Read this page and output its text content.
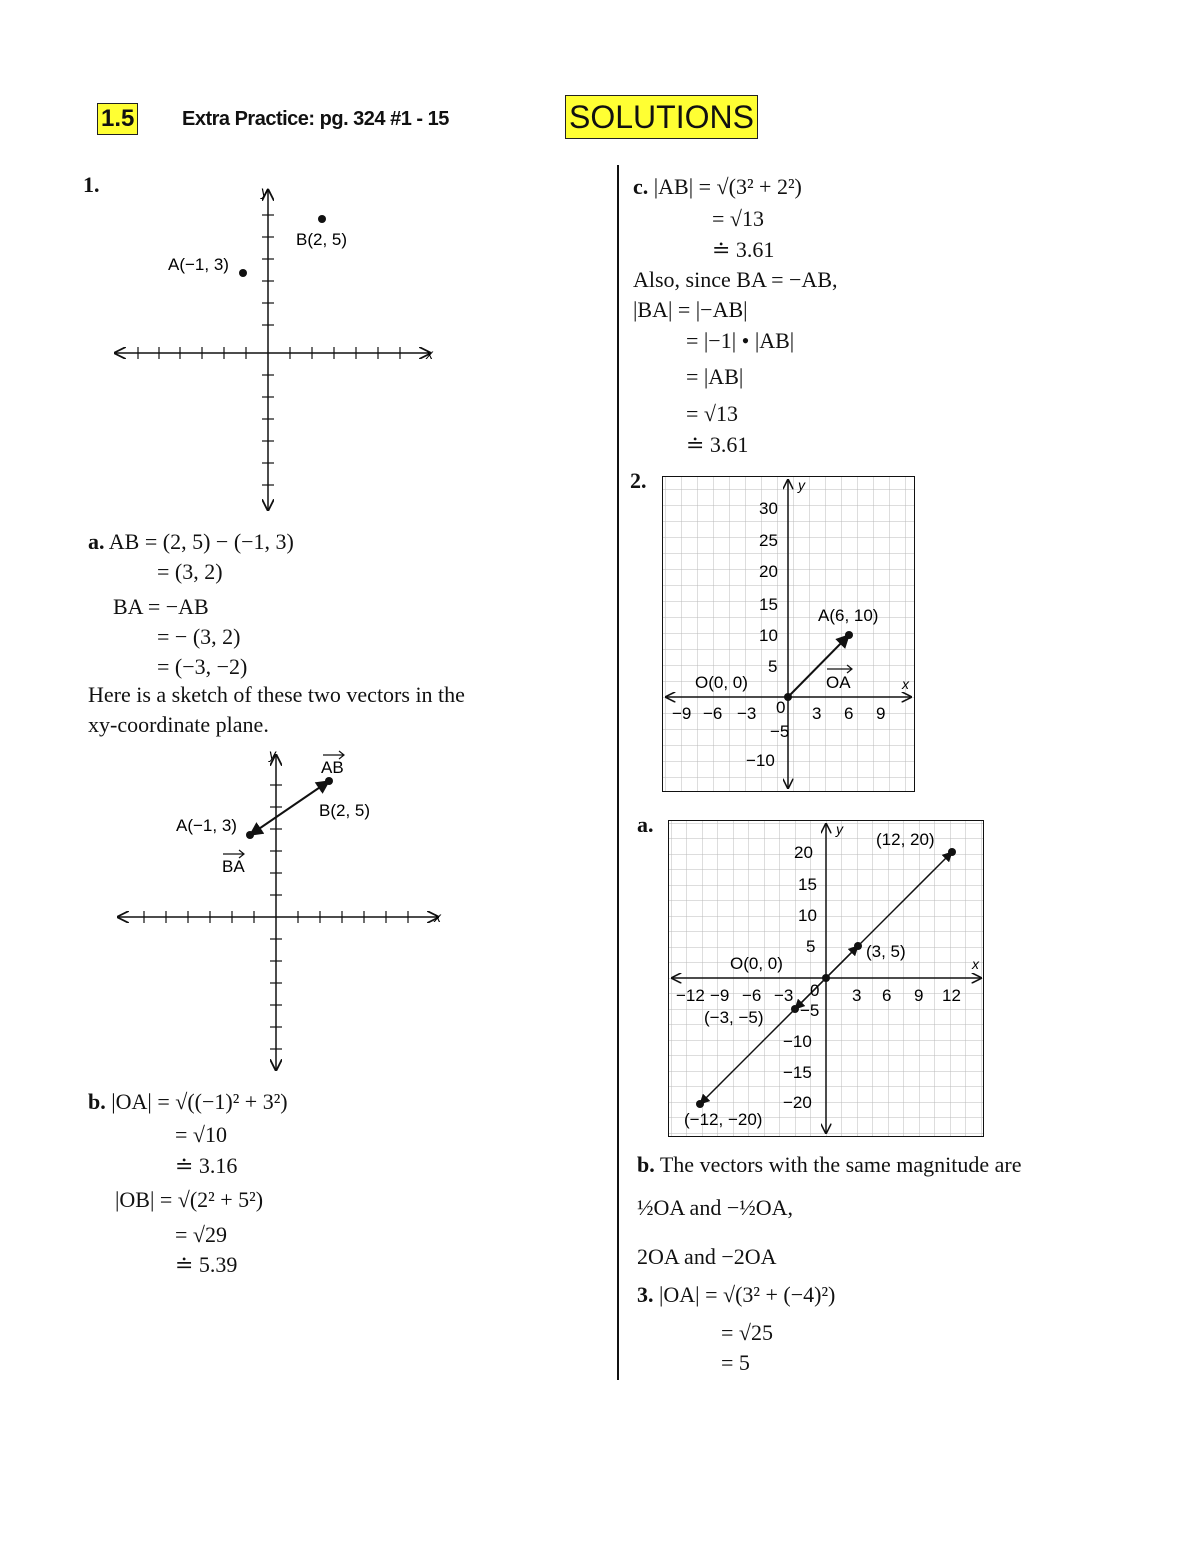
1.5 Extra Practice: pg. 324 #1 - 15	SOLUTIONS
1.
B(2, 5)
A(−1, 3)
x
y
a. AB = (2, 5) − (−1, 3)
= (3, 2)
BA = −AB
= − (3, 2)
= (−3, −2)
Here is a sketch of these two vectors in the
xy-coordinate plane.
AB
B(2, 5)
A(−1, 3)
BA
x
y
b. |OA| = √((−1)² + 3²)
= √10
≐ 3.16
|OB| = √(2² + 5²)
= √29
≐ 5.39
c. |AB| = √(3² + 2²)
= √13
≐ 3.61
Also, since BA = −AB,
|BA| = |−AB|
= |−1| • |AB|
= |AB|
= √13
≐ 3.61
2.
30
25
20
15
10
5
−5
−10
−9 −6 −3 0 3 6 9
A(6, 10)
O(0, 0)	OA	x
y
a.
20
15
10
5
−5
−10
−15
−20
−12 −9 −6 −3 0 3 6 9 12
(12, 20)
(3, 5)
O(0, 0)
(−3, −5)
(−12, −20)
x
y
b. The vectors with the same magnitude are
½OA and −½OA,
2OA and −2OA
3. |OA| = √(3² + (−4)²)
= √25
= 5
